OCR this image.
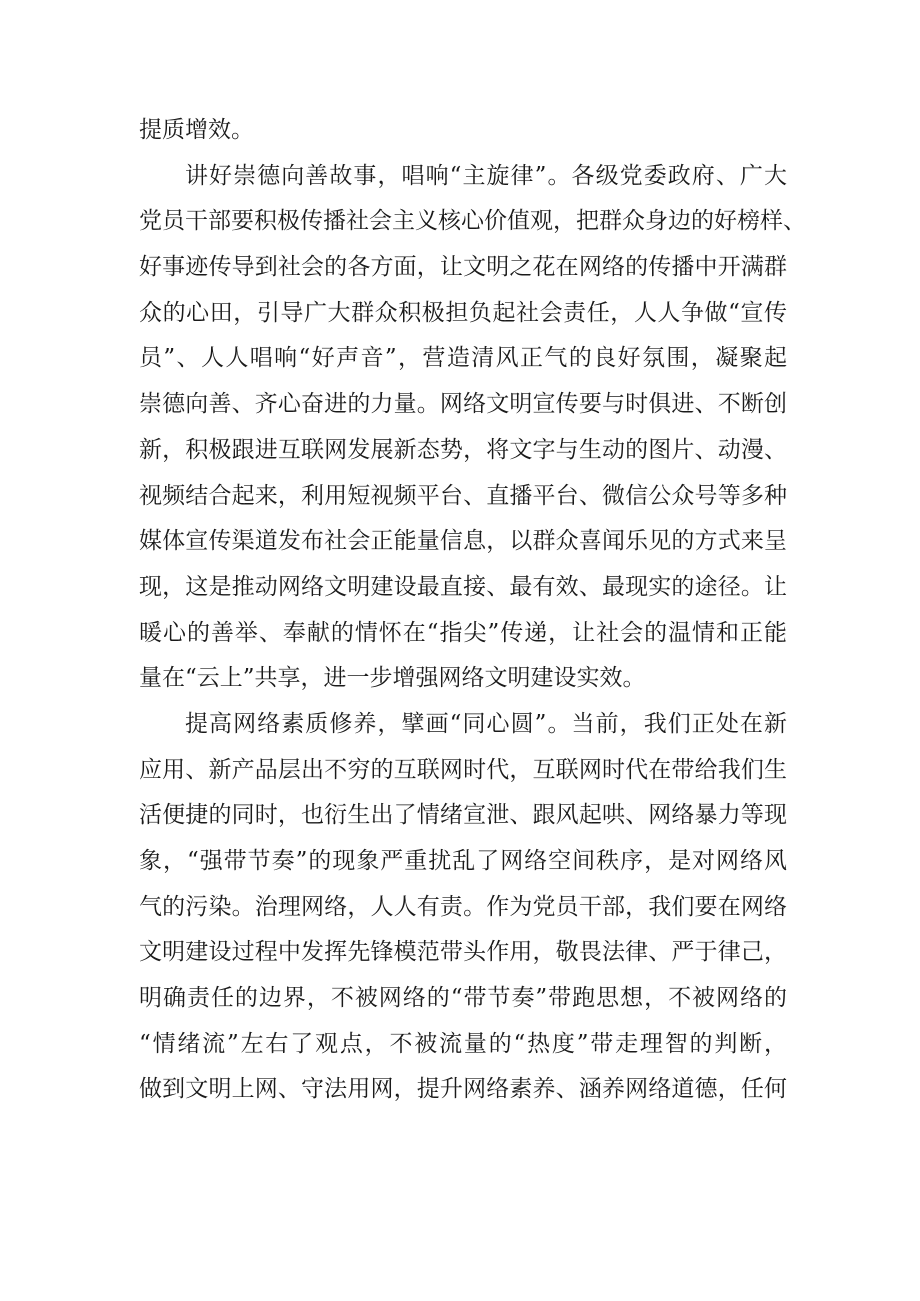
提质增效。
讲好崇德向善故事，唱响“主旋律”。各级党委政府、广大
党员干部要积极传播社会主义核心价值观，把群众身边的好榜样、
好事迹传导到社会的各方面，让文明之花在网络的传播中开满群
众的心田，引导广大群众积极担负起社会责任，人人争做“宣传
员”、人人唱响“好声音”，营造清风正气的良好氛围，凝聚起
崇德向善、齐心奋进的力量。网络文明宣传要与时俱进、不断创
新，积极跟进互联网发展新态势，将文字与生动的图片、动漫、
视频结合起来，利用短视频平台、直播平台、微信公众号等多种
媒体宣传渠道发布社会正能量信息，以群众喜闻乐见的方式来呈
现，这是推动网络文明建设最直接、最有效、最现实的途径。让
暖心的善举、奉献的情怀在“指尖”传递，让社会的温情和正能
量在“云上”共享，进一步增强网络文明建设实效。
提高网络素质修养，擘画“同心圆”。当前，我们正处在新
应用、新产品层出不穷的互联网时代，互联网时代在带给我们生
活便捷的同时，也衍生出了情绪宣泄、跟风起哄、网络暴力等现
象，“强带节奏”的现象严重扰乱了网络空间秩序，是对网络风
气的污染。治理网络，人人有责。作为党员干部，我们要在网络
文明建设过程中发挥先锋模范带头作用，敬畏法律、严于律己，
明确责任的边界，不被网络的“带节奏”带跑思想，不被网络的
“情绪流”左右了观点，不被流量的“热度”带走理智的判断，
做到文明上网、守法用网，提升网络素养、涵养网络道德，任何
